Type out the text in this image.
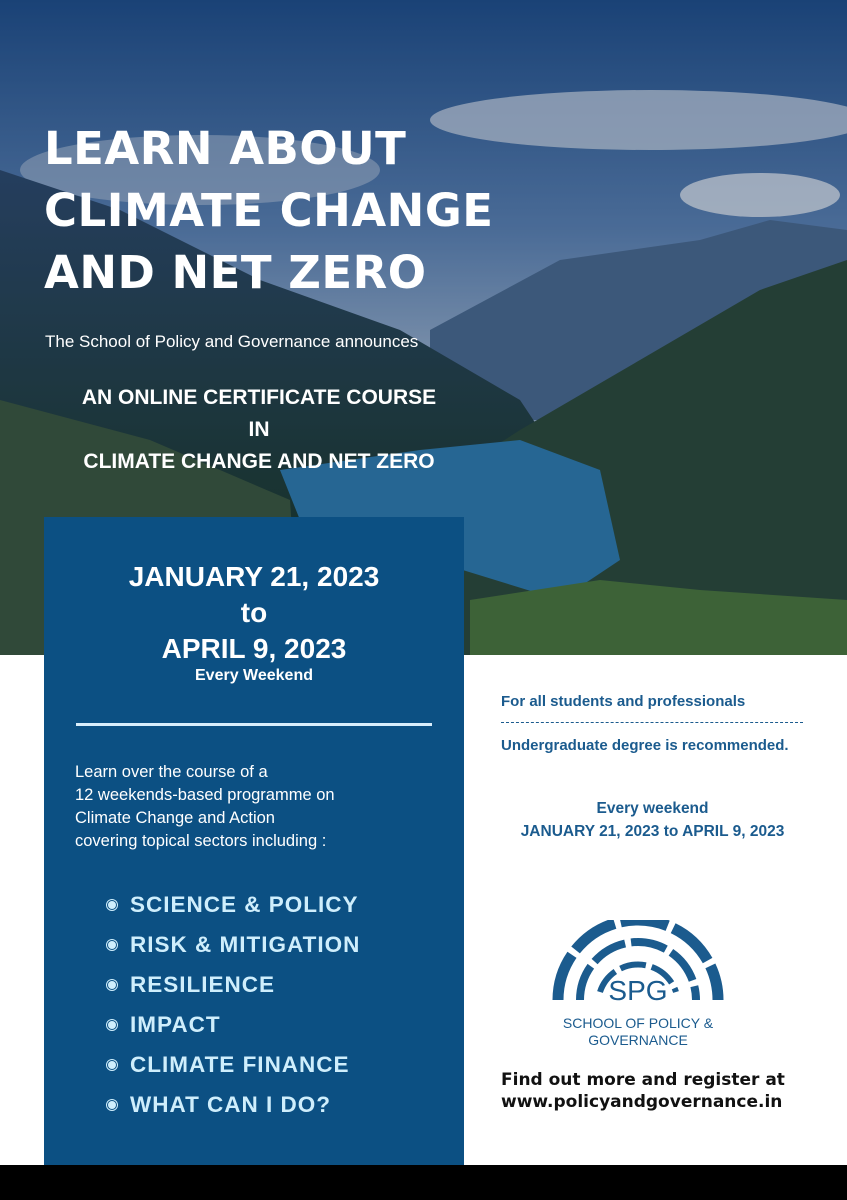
LEARN ABOUT
CLIMATE CHANGE
AND NET ZERO
The School of Policy and Governance announces
AN ONLINE CERTIFICATE COURSE
IN
CLIMATE CHANGE AND NET ZERO
JANUARY 21, 2023
to
APRIL 9, 2023
Every Weekend
Learn over the course of a
12 weekends-based programme on
Climate Change and Action
covering topical sectors including :
SCIENCE & POLICY
RISK & MITIGATION
RESILIENCE
IMPACT
CLIMATE FINANCE
WHAT CAN I DO?
For all students and professionals
Undergraduate degree is recommended.
Every weekend
JANUARY 21, 2023 to APRIL 9, 2023
SPG
SCHOOL OF POLICY &
GOVERNANCE
Find out more and register at
www.policyandgovernance.in
